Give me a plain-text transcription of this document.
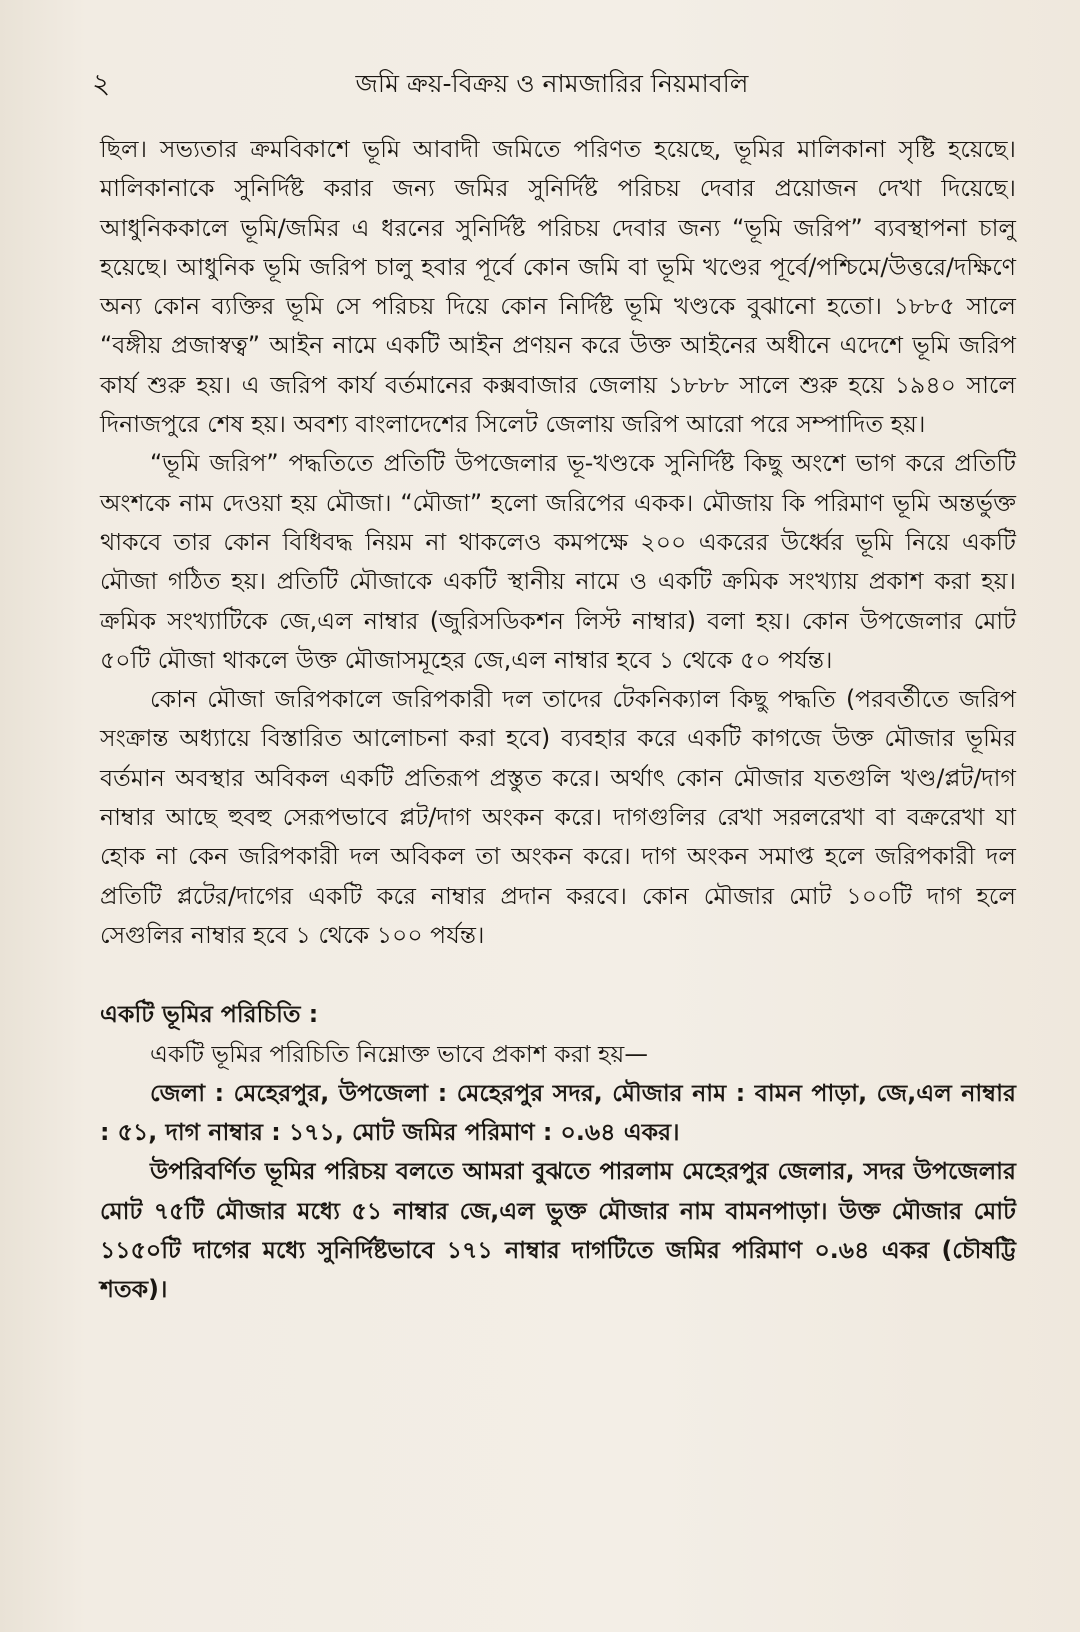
২	জমি ক্রয়-বিক্রয় ও নামজারির নিয়মাবলি

ছিল। সভ্যতার ক্রমবিকাশে ভূমি আবাদী জমিতে পরিণত হয়েছে, ভূমির মালিকানা সৃষ্টি হয়েছে। মালিকানাকে সুনির্দিষ্ট করার জন্য জমির সুনির্দিষ্ট পরিচয় দেবার প্রয়োজন দেখা দিয়েছে। আধুনিককালে ভূমি/জমির এ ধরনের সুনির্দিষ্ট পরিচয় দেবার জন্য “ভূমি জরিপ” ব্যবস্থাপনা চালু হয়েছে। আধুনিক ভূমি জরিপ চালু হবার পূর্বে কোন জমি বা ভূমি খণ্ডের পূর্বে/পশ্চিমে/উত্তরে/দক্ষিণে অন্য কোন ব্যক্তির ভূমি সে পরিচয় দিয়ে কোন নির্দিষ্ট ভূমি খণ্ডকে বুঝানো হতো। ১৮৮৫ সালে “বঙ্গীয় প্রজাস্বত্ব” আইন নামে একটি আইন প্রণয়ন করে উক্ত আইনের অধীনে এদেশে ভূমি জরিপ কার্য শুরু হয়। এ জরিপ কার্য বর্তমানের কক্সবাজার জেলায় ১৮৮৮ সালে শুরু হয়ে ১৯৪০ সালে দিনাজপুরে শেষ হয়। অবশ্য বাংলাদেশের সিলেট জেলায় জরিপ আরো পরে সম্পাদিত হয়।

“ভূমি জরিপ” পদ্ধতিতে প্রতিটি উপজেলার ভূ-খণ্ডকে সুনির্দিষ্ট কিছু অংশে ভাগ করে প্রতিটি অংশকে নাম দেওয়া হয় মৌজা। “মৌজা” হলো জরিপের একক। মৌজায় কি পরিমাণ ভূমি অন্তর্ভুক্ত থাকবে তার কোন বিধিবদ্ধ নিয়ম না থাকলেও কমপক্ষে ২০০ একরের উর্ধ্বের ভূমি নিয়ে একটি মৌজা গঠিত হয়। প্রতিটি মৌজাকে একটি স্থানীয় নামে ও একটি ক্রমিক সংখ্যায় প্রকাশ করা হয়। ক্রমিক সংখ্যাটিকে জে,এল নাম্বার (জুরিসডিকশন লিস্ট নাম্বার) বলা হয়। কোন উপজেলার মোট ৫০টি মৌজা থাকলে উক্ত মৌজাসমূহের জে,এল নাম্বার হবে ১ থেকে ৫০ পর্যন্ত।

কোন মৌজা জরিপকালে জরিপকারী দল তাদের টেকনিক্যাল কিছু পদ্ধতি (পরবর্তীতে জরিপ সংক্রান্ত অধ্যায়ে বিস্তারিত আলোচনা করা হবে) ব্যবহার করে একটি কাগজে উক্ত মৌজার ভূমির বর্তমান অবস্থার অবিকল একটি প্রতিরূপ প্রস্তুত করে। অর্থাৎ কোন মৌজার যতগুলি খণ্ড/প্লট/দাগ নাম্বার আছে হুবহু সেরূপভাবে প্লট/দাগ অংকন করে। দাগগুলির রেখা সরলরেখা বা বক্ররেখা যা হোক না কেন জরিপকারী দল অবিকল তা অংকন করে। দাগ অংকন সমাপ্ত হলে জরিপকারী দল প্রতিটি প্লটের/দাগের একটি করে নাম্বার প্রদান করবে। কোন মৌজার মোট ১০০টি দাগ হলে সেগুলির নাম্বার হবে ১ থেকে ১০০ পর্যন্ত।

একটি ভূমির পরিচিতি :

একটি ভূমির পরিচিতি নিম্নোক্ত ভাবে প্রকাশ করা হয়—

জেলা : মেহেরপুর, উপজেলা : মেহেরপুর সদর, মৌজার নাম : বামন পাড়া, জে,এল নাম্বার : ৫১, দাগ নাম্বার : ১৭১, মোট জমির পরিমাণ : ০.৬৪ একর।

উপরিবর্ণিত ভূমির পরিচয় বলতে আমরা বুঝতে পারলাম মেহেরপুর জেলার, সদর উপজেলার মোট ৭৫টি মৌজার মধ্যে ৫১ নাম্বার জে,এল ভুক্ত মৌজার নাম বামনপাড়া। উক্ত মৌজার মোট ১১৫০টি দাগের মধ্যে সুনির্দিষ্টভাবে ১৭১ নাম্বার দাগটিতে জমির পরিমাণ ০.৬৪ একর (চৌষট্টি শতক)।
